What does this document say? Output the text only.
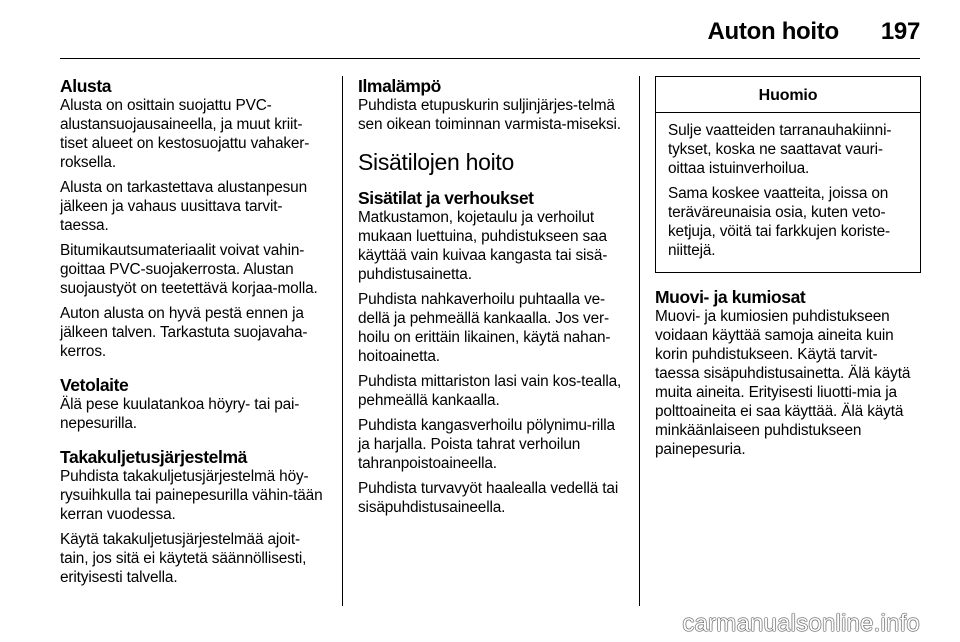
Auton hoito 197
Alusta

Alusta on osittain suojattu PVC-alustansuojausaineella, ja muut kriit-tiset alueet on kestosuojattu vahaker-roksella.

Alusta on tarkastettava alustanpesun jälkeen ja vahaus uusittava tarvit-taessa.

Bitumikautsumateriaalit voivat vahin-goittaa PVC-suojakerrosta. Alustan suojaustyöt on teetettävä korjaa-molla.

Auton alusta on hyvä pestä ennen ja jälkeen talven. Tarkastuta suojavaha-kerros.

Vetolaite

Älä pese kuulatankoa höyry- tai pai-nepesurilla.

Takakuljetusjärjestelmä

Puhdista takakuljetusjärjestelmä höy-rysuihkulla tai painepesurilla vähin-tään kerran vuodessa.

Käytä takakuljetusjärjestelmää ajoit-tain, jos sitä ei käytetä säännöllisesti, erityisesti talvella.

Ilmalämpö

Puhdista etupuskurin suljinjärjes-telmä sen oikean toiminnan varmista-miseksi.

Sisätilojen hoito
Sisätilat ja verhoukset

Matkustamon, kojetaulu ja verhoilut mukaan luettuina, puhdistukseen saa käyttää vain kuivaa kangasta tai sisä-puhdistusainetta.

Puhdista nahkaverhoilu puhtaalla ve-dellä ja pehmeällä kankaalla. Jos ver-hoilu on erittäin likainen, käytä nahan-hoitoainetta.

Puhdista mittariston lasi vain kos-tealla, pehmeällä kankaalla.

Puhdista kangasverhoilu pölynimu-rilla ja harjalla. Poista tahrat verhoilun tahranpoistoaineella.

Puhdista turvavyöt haalealla vedellä tai sisäpuhdistusaineella.

Huomio

Sulje vaatteiden tarranauhakiinni-tykset, koska ne saattavat vauri-oittaa istuinverhoilua.

Sama koskee vaatteita, joissa on teräväreunaisia osia, kuten veto-ketjuja, vöitä tai farkkujen koriste-niittejä.

Muovi- ja kumiosat

Muovi- ja kumiosien puhdistukseen voidaan käyttää samoja aineita kuin korin puhdistukseen. Käytä tarvit-taessa sisäpuhdistusainetta. Älä käytä muita aineita. Erityisesti liuotti-mia ja polttoaineita ei saa käyttää. Älä käytä minkäänlaiseen puhdistukseen painepesuria.

carmanualsonline.info
